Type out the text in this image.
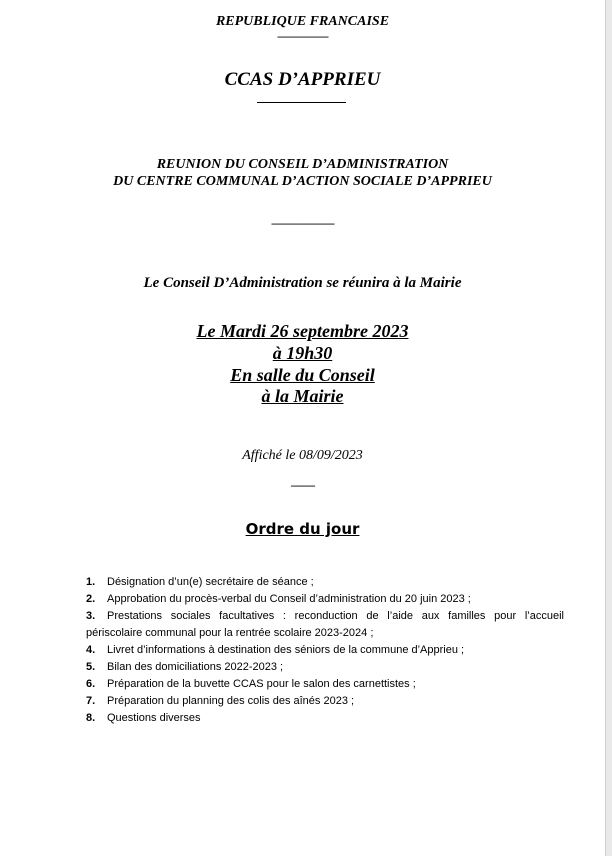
REPUBLIQUE FRANCAISE
-----------------
CCAS D’APPRIEU
REUNION DU CONSEIL D’ADMINISTRATION
DU CENTRE COMMUNAL D’ACTION SOCIALE D’APPRIEU
---------------------
Le Conseil D’Administration se réunira à la Mairie
Le Mardi 26 septembre 2023
à 19h30
En salle du Conseil
à la Mairie
Affiché le 08/09/2023
--------
Ordre du jour
1. Désignation d’un(e) secrétaire de séance ;
2. Approbation du procès-verbal du Conseil d’administration du 20 juin 2023 ;
3. Prestations sociales facultatives : reconduction de l’aide aux familles pour l’accueil périscolaire communal pour la rentrée scolaire 2023-2024 ;
4. Livret d’informations à destination des séniors de la commune d’Apprieu ;
5. Bilan des domiciliations 2022-2023 ;
6. Préparation de la buvette CCAS pour le salon des carnettistes ;
7. Préparation du planning des colis des aînés 2023 ;
8. Questions diverses
